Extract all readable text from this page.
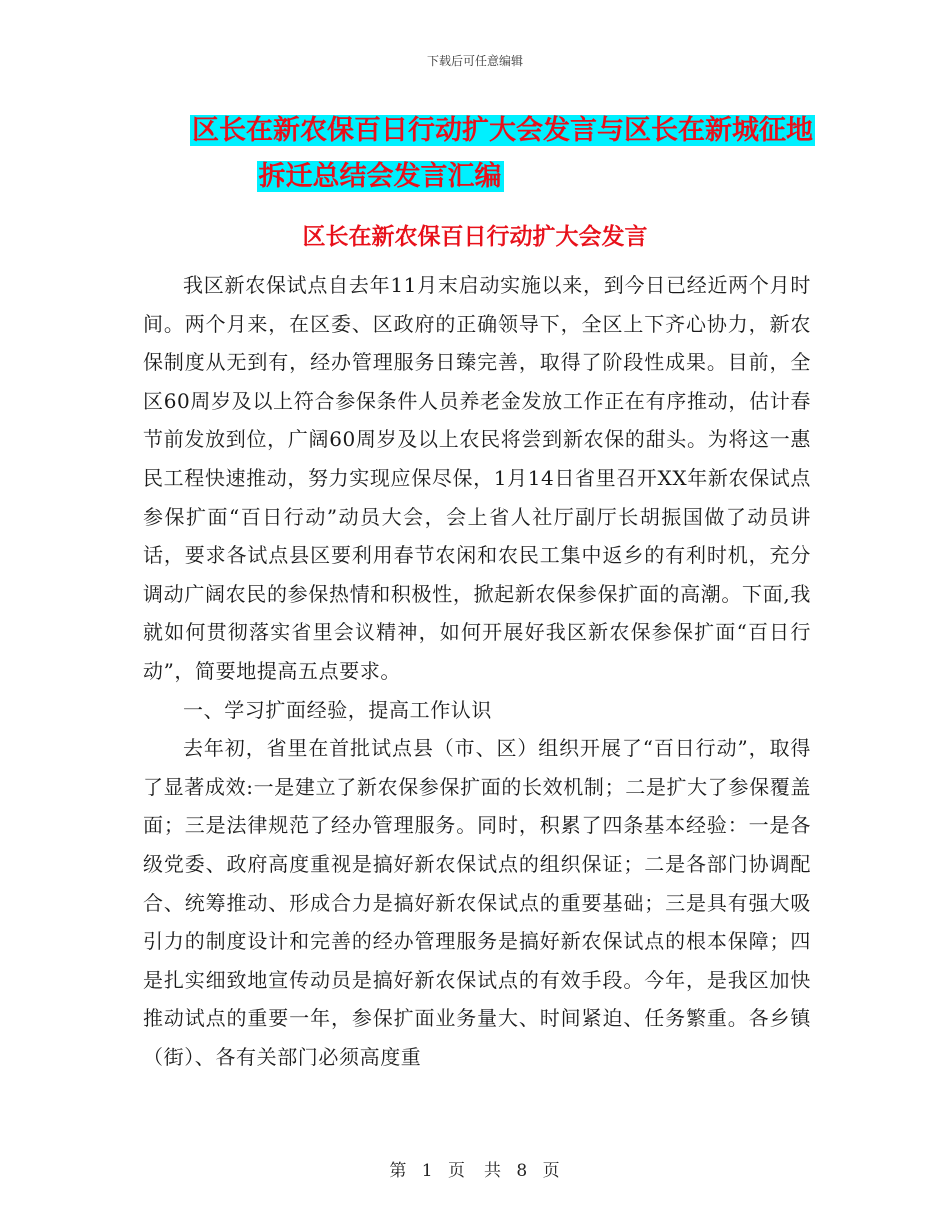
下载后可任意编辑
区长在新农保百日行动扩大会发言与区长在新城征地
拆迁总结会发言汇编
区长在新农保百日行动扩大会发言

我区新农保试点自去年11月末启动实施以来，到今日已经近两个月时间。两个月来，在区委、区政府的正确领导下，全区上下齐心协力，新农保制度从无到有，经办管理服务日臻完善，取得了阶段性成果。目前，全区60周岁及以上符合参保条件人员养老金发放工作正在有序推动，估计春节前发放到位，广阔60周岁及以上农民将尝到新农保的甜头。为将这一惠民工程快速推动，努力实现应保尽保，1月14日省里召开XX年新农保试点参保扩面“百日行动”动员大会，会上省人社厅副厅长胡振国做了动员讲话，要求各试点县区要利用春节农闲和农民工集中返乡的有利时机，充分调动广阔农民的参保热情和积极性，掀起新农保参保扩面的高潮。下面,我就如何贯彻落实省里会议精神，如何开展好我区新农保参保扩面“百日行动”，简要地提高五点要求。

一、学习扩面经验，提高工作认识

去年初，省里在首批试点县（市、区）组织开展了“百日行动”，取得了显著成效:一是建立了新农保参保扩面的长效机制；二是扩大了参保覆盖面；三是法律规范了经办管理服务。同时，积累了四条基本经验：一是各级党委、政府高度重视是搞好新农保试点的组织保证；二是各部门协调配合、统筹推动、形成合力是搞好新农保试点的重要基础；三是具有强大吸引力的制度设计和完善的经办管理服务是搞好新农保试点的根本保障；四是扎实细致地宣传动员是搞好新农保试点的有效手段。今年，是我区加快推动试点的重要一年，参保扩面业务量大、时间紧迫、任务繁重。各乡镇（街）、各有关部门必须高度重

第 1 页　共 8 页
